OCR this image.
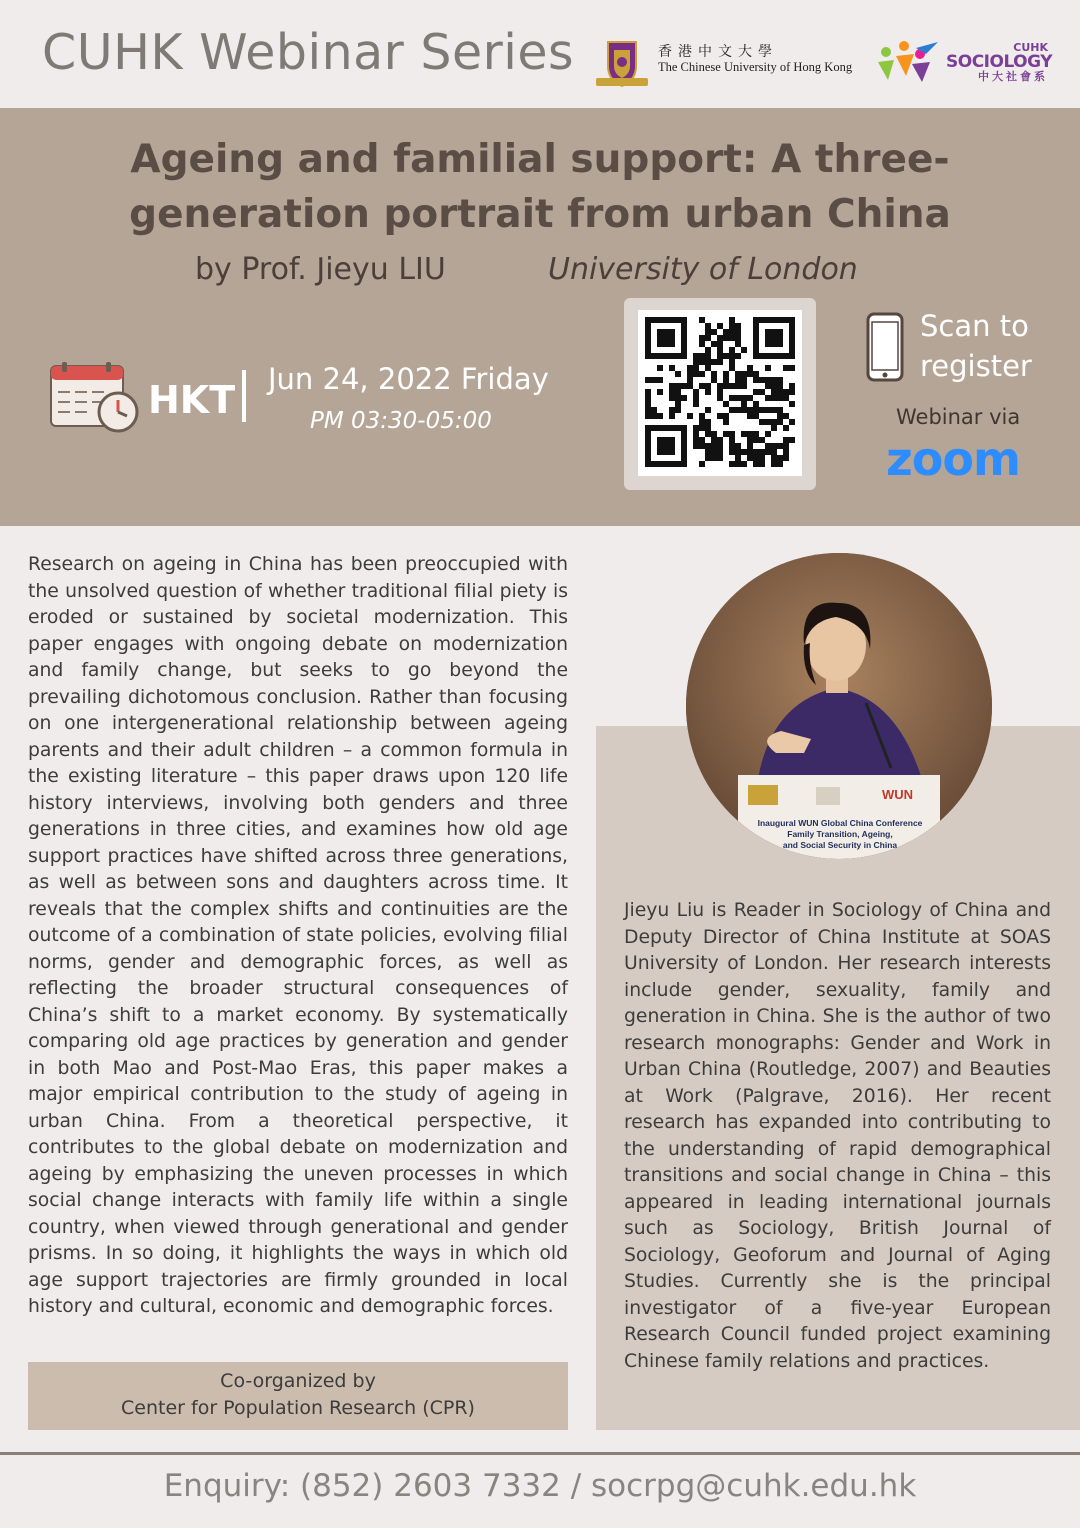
CUHK Webinar Series	香港中文大學
The Chinese University of Hong Kong
CUHK
SOCIOLOGY
中大社會系
Ageing and familial support: A three-generation portrait from urban China
by Prof. Jieyu LIU	University of London
HKT Jun 24, 2022 Friday
PM 03:30-05:00
Scan to
register
Webinar via
zoom
Research on ageing in China has been preoccupied with the unsolved question of whether traditional filial piety is eroded or sustained by societal modernization. This paper engages with ongoing debate on modernization and family change, but seeks to go beyond the prevailing dichotomous conclusion. Rather than focusing on one intergenerational relationship between ageing parents and their adult children – a common formula in the existing literature – this paper draws upon 120 life history interviews, involving both genders and three generations in three cities, and examines how old age support practices have shifted across three generations, as well as between sons and daughters across time. It reveals that the complex shifts and continuities are the outcome of a combination of state policies, evolving filial norms, gender and demographic forces, as well as reflecting the broader structural consequences of China’s shift to a market economy. By systematically comparing old age practices by generation and gender in both Mao and Post-Mao Eras, this paper makes a major empirical contribution to the study of ageing in urban China. From a theoretical perspective, it contributes to the global debate on modernization and ageing by emphasizing the uneven processes in which social change interacts with family life within a single country, when viewed through generational and gender prisms. In so doing, it highlights the ways in which old age support trajectories are firmly grounded in local history and cultural, economic and demographic forces.
Co-organized by
Center for Population Research (CPR)
WUN
Inaugural WUN Global China Conference
Family Transition, Ageing,
and Social Security in China
Jieyu Liu is Reader in Sociology of China and Deputy Director of China Institute at SOAS University of London. Her research interests include gender, sexuality, family and generation in China. She is the author of two research monographs: Gender and Work in Urban China (Routledge, 2007) and Beauties at Work (Palgrave, 2016). Her recent research has expanded into contributing to the understanding of rapid demographical transitions and social change in China – this appeared in leading international journals such as Sociology, British Journal of Sociology, Geoforum and Journal of Aging Studies. Currently she is the principal investigator of a five-year European Research Council funded project examining Chinese family relations and practices.
Enquiry: (852) 2603 7332 / socrpg@cuhk.edu.hk
